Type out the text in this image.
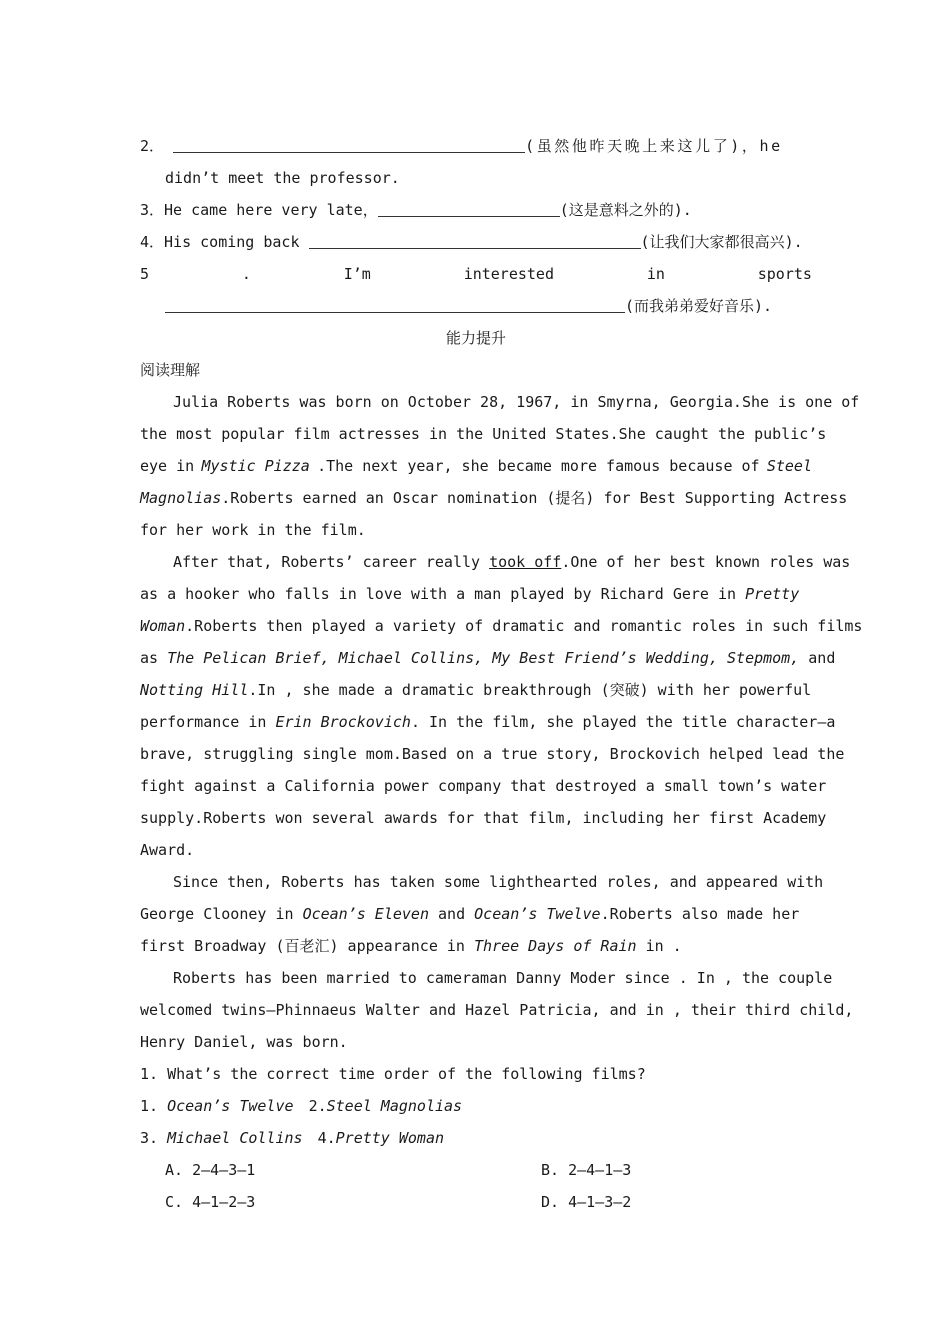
2．	(虽然他昨天晚上来这儿了)，he
didn’t meet the professor.
3．He came here very late，	(这是意料之外的).
4．His coming back	(让我们大家都很高兴).
5	.	I’m	interested	in	sports
(而我弟弟爱好音乐).
能力提升
阅读理解
Julia Roberts was born on October 28, 1967, in Smyrna, Georgia.She is one of
the most popular film actresses in the United States.She caught the public’s
eye in Mystic Pizza .The next year, she became more famous because of Steel
Magnolias.Roberts earned an Oscar nomination (提名) for Best Supporting Actress
for her work in the film.
After that, Roberts’ career really took off.One of her best known roles was
as a hooker who falls in love with a man played by Richard Gere in Pretty
Woman.Roberts then played a variety of dramatic and romantic roles in such films
as The Pelican Brief, Michael Collins, My Best Friend’s Wedding, Stepmom, and
Notting Hill.In , she made a dramatic breakthrough (突破) with her powerful
performance in Erin Brockovich. In the film, she played the title character—a
brave, struggling single mom.Based on a true story, Brockovich helped lead the
fight against a California power company that destroyed a small town’s water
supply.Roberts won several awards for that film, including her first Academy
Award.
Since then, Roberts has taken some lighthearted roles, and appeared with
George Clooney in Ocean’s Eleven and Ocean’s Twelve.Roberts also made her
first Broadway (百老汇) appearance in Three Days of Rain in .
Roberts has been married to cameraman Danny Moder since . In , the couple
welcomed twins—Phinnaeus Walter and Hazel Patricia, and in , their third child,
Henry Daniel, was born.
1. What’s the correct time order of the following films?
1. Ocean’s Twelve 2.Steel Magnolias
3. Michael Collins 4.Pretty Woman
A. 2—4—3—1	B. 2—4—1—3
C. 4—1—2—3	D. 4—1—3—2
